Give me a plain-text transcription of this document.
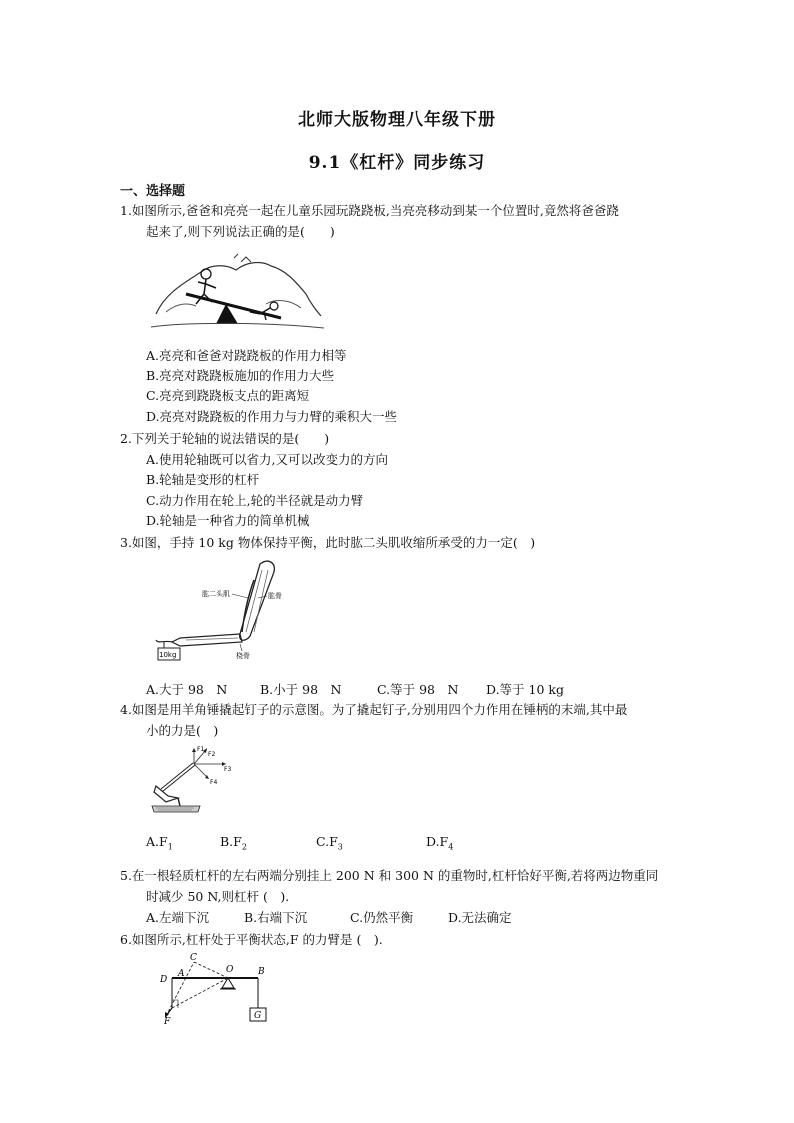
北师大版物理八年级下册
9.1《杠杆》同步练习
一、选择题
1.如图所示,爸爸和亮亮一起在儿童乐园玩跷跷板,当亮亮移动到某一个位置时,竟然将爸爸跷
起来了,则下列说法正确的是(　　)
A.亮亮和爸爸对跷跷板的作用力相等
B.亮亮对跷跷板施加的作用力大些
C.亮亮到跷跷板支点的距离短
D.亮亮对跷跷板的作用力与力臂的乘积大一些
2.下列关于轮轴的说法错误的是(　　)
A.使用轮轴既可以省力,又可以改变力的方向
B.轮轴是变形的杠杆
C.动力作用在轮上,轮的半径就是动力臂
D.轮轴是一种省力的简单机械
3.如图，手持 10 kg 物体保持平衡，此时肱二头肌收缩所承受的力一定(　)
10kg
肱二头肌	肱骨
桡骨
A.大于 98　N	B.小于 98　N	C.等于 98　N D.等于 10 kg
4.如图是用羊角锤撬起钉子的示意图。为了撬起钉子,分别用四个力作用在锤柄的末端,其中最
小的力是(　)
F1
F2
F3
F4
$A.F_1$	$B.F_2$	$C.F_3$	$D.F_4$
5.在一根轻质杠杆的左右两端分别挂上 200 N 和 300 N 的重物时,杠杆恰好平衡,若将两边物重同
时减少 50 N,则杠杆 (　).
A.左端下沉	B.右端下沉	C.仍然平衡	D.无法确定
6.如图所示,杠杆处于平衡状态,F 的力臂是 (　).
C
D
A	O	B
F
G
